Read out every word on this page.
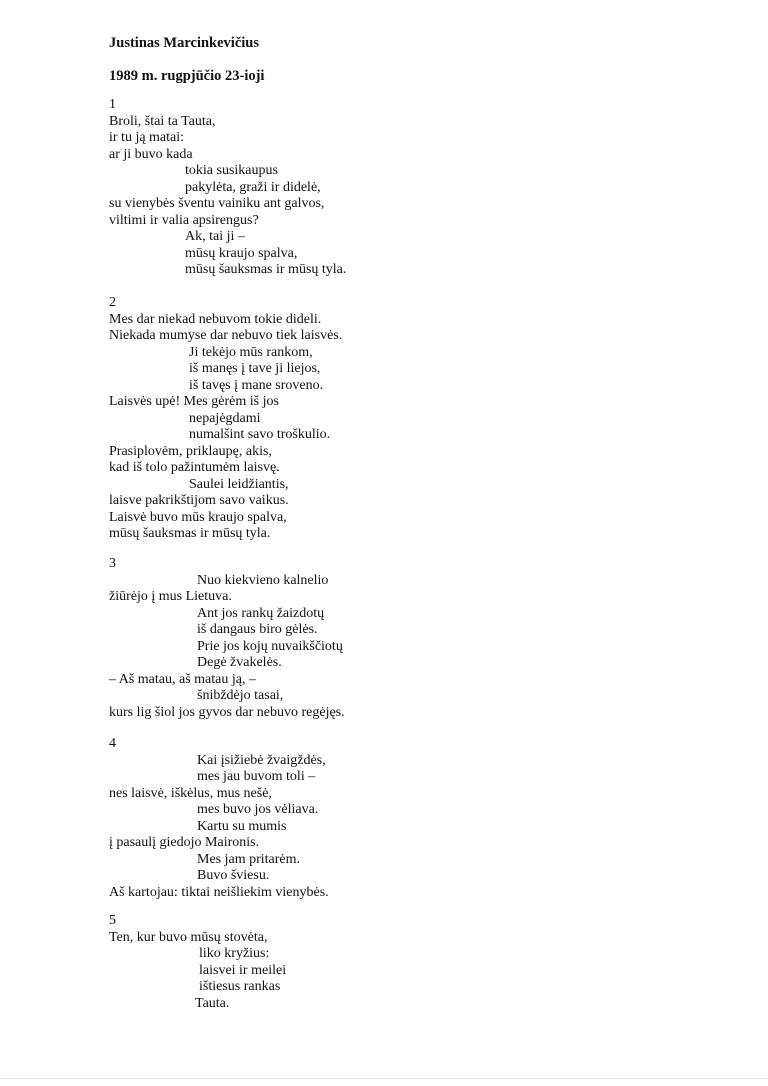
Justinas Marcinkevičius
1989 m. rugpjūčio 23-ioji
1
Broli, štai ta Tauta,
ir tu ją matai:
ar ji buvo kada
tokia susikaupus
pakylėta, graži ir didelė,
su vienybės šventu vainiku ant galvos,
viltimi ir valia apsirengus?
Ak, tai ji –
mūsų kraujo spalva,
mūsų šauksmas ir mūsų tyla.
2
Mes dar niekad nebuvom tokie dideli.
Niekada mumyse dar nebuvo tiek laisvės.
Ji tekėjo mūs rankom,
iš manęs į tave ji liejos,
iš tavęs į mane sroveno.
Laisvės upė! Mes gėrėm iš jos
nepajėgdami
numalšint savo troškulio.
Prasiplovėm, priklaupę, akis,
kad iš tolo pažintumėm laisvę.
Saulei leidžiantis,
laisve pakrikštijom savo vaikus.
Laisvė buvo mūs kraujo spalva,
mūsų šauksmas ir mūsų tyla.
3
Nuo kiekvieno kalnelio
žiūrėjo į mus Lietuva.
Ant jos rankų žaizdotų
iš dangaus biro gėlės.
Prie jos kojų nuvaikščiotų
Degė žvakelės.
– Aš matau, aš matau ją, –
šnibždėjo tasai,
kurs lig šiol jos gyvos dar nebuvo regėjęs.
4
Kai įsižiebė žvaigždės,
mes jau buvom toli –
nes laisvė, iškėlus, mus nešė,
mes buvo jos vėliava.
Kartu su mumis
į pasaulį giedojo Maironis.
Mes jam pritarėm.
Buvo šviesu.
Aš kartojau: tiktai neišliekim vienybės.
5
Ten, kur buvo mūsų stovėta,
liko kryžius:
laisvei ir meilei
ištiesus rankas
Tauta.
